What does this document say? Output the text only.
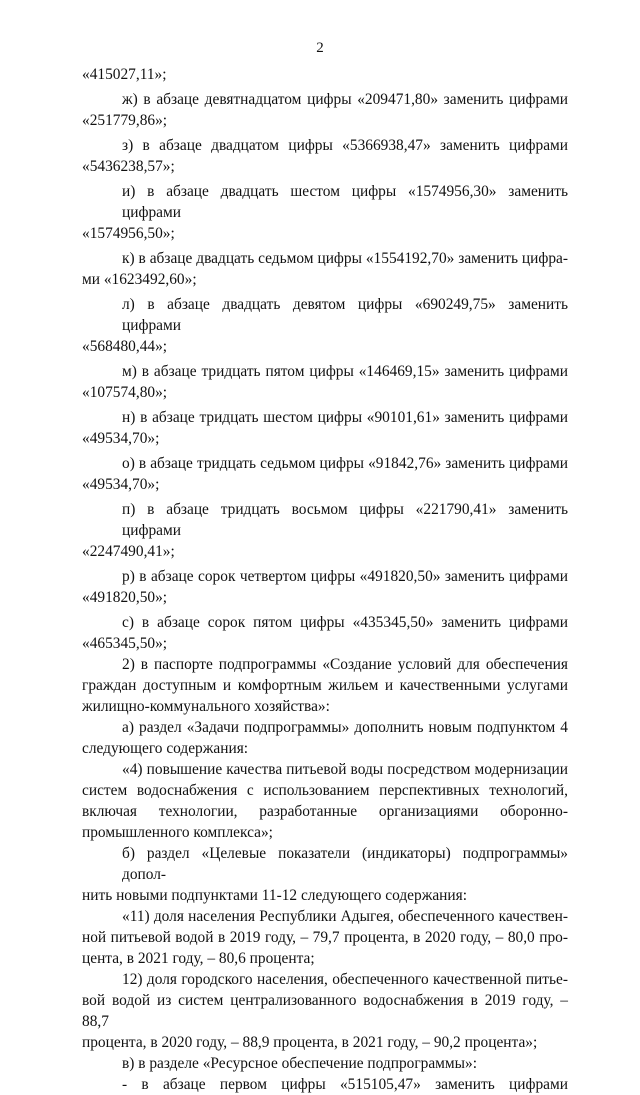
2
«415027,11»;
ж) в абзаце девятнадцатом цифры «209471,80» заменить цифрами
«251779,86»;
з) в абзаце двадцатом цифры «5366938,47» заменить цифрами
«5436238,57»;
и) в абзаце двадцать шестом цифры «1574956,30» заменить цифрами
«1574956,50»;
к) в абзаце двадцать седьмом цифры «1554192,70» заменить цифра-
ми «1623492,60»;
л) в абзаце двадцать девятом цифры «690249,75» заменить цифрами
«568480,44»;
м) в абзаце тридцать пятом цифры «146469,15» заменить цифрами
«107574,80»;
н) в абзаце тридцать шестом цифры «90101,61» заменить цифрами
«49534,70»;
о) в абзаце тридцать седьмом цифры «91842,76» заменить цифрами
«49534,70»;
п) в абзаце тридцать восьмом цифры «221790,41» заменить цифрами
«2247490,41»;
р) в абзаце сорок четвертом цифры «491820,50» заменить цифрами
«491820,50»;
с) в абзаце сорок пятом цифры «435345,50» заменить цифрами
«465345,50»;
2) в паспорте подпрограммы «Создание условий для обеспечения
граждан доступным и комфортным жильем и качественными услугами
жилищно-коммунального хозяйства»:
а) раздел «Задачи подпрограммы» дополнить новым подпунктом 4
следующего содержания:
«4) повышение качества питьевой воды посредством модернизации
систем водоснабжения с использованием перспективных технологий,
включая технологии, разработанные организациями оборонно-
промышленного комплекса»;
б) раздел «Целевые показатели (индикаторы) подпрограммы» допол-
нить новыми подпунктами 11-12 следующего содержания:
«11) доля населения Республики Адыгея, обеспеченного качествен-
ной питьевой водой в 2019 году, – 79,7 процента, в 2020 году, – 80,0 про-
цента, в 2021 году, – 80,6 процента;
12) доля городского населения, обеспеченного качественной питье-
вой водой из систем централизованного водоснабжения в 2019 году, – 88,7
процента, в 2020 году, – 88,9 процента, в 2021 году, – 90,2 процента»;
в) в разделе «Ресурсное обеспечение подпрограммы»:
- в абзаце первом цифры «515105,47» заменить цифрами
